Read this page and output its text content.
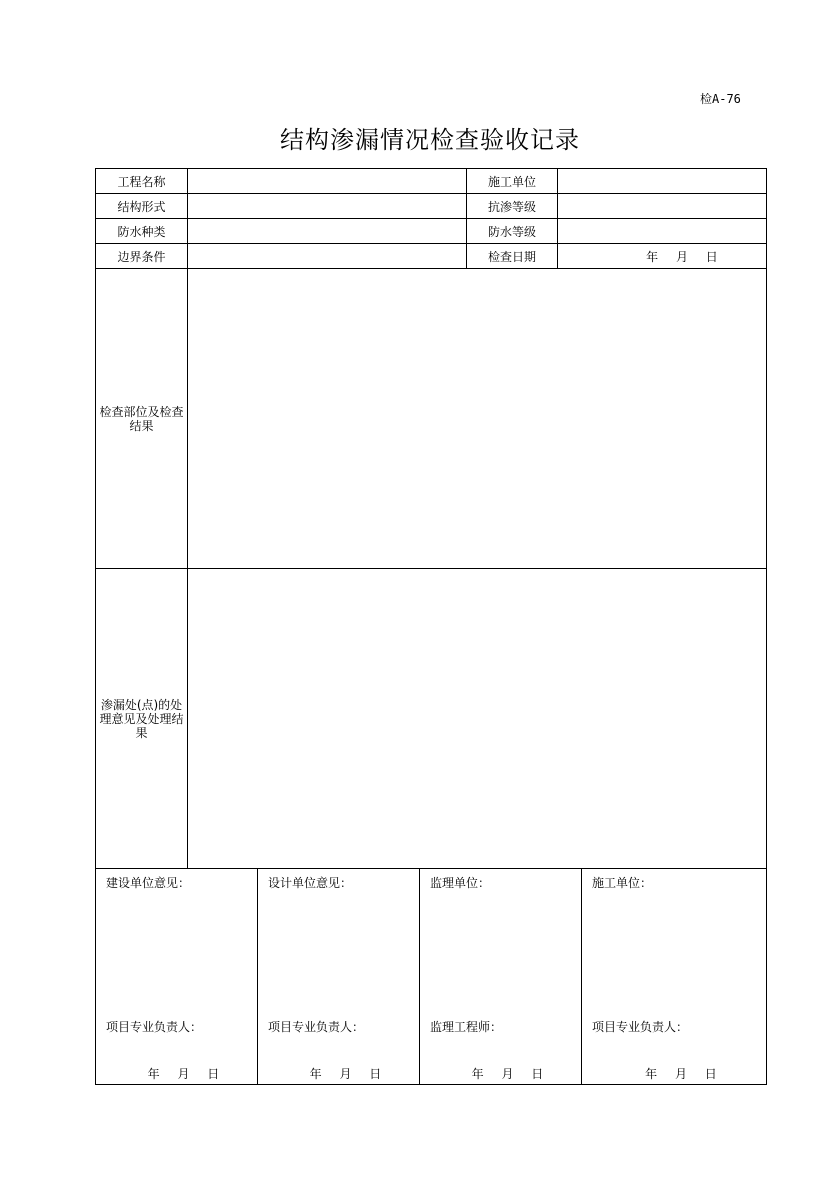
检A-76
结构渗漏情况检查验收记录
工程名称		施工单位	
结构形式		抗渗等级	
防水种类		防水等级	
边界条件		检查日期	年 月 日
检查部位及检查结果			
渗漏处(点)的处理意见及处理结果			
建设单位意见：
项目专业负责人：
年 月 日

设计单位意见：
项目专业负责人：
年 月 日

监理单位：
监理工程师：
年 月 日

施工单位：
项目专业负责人：
年 月 日
